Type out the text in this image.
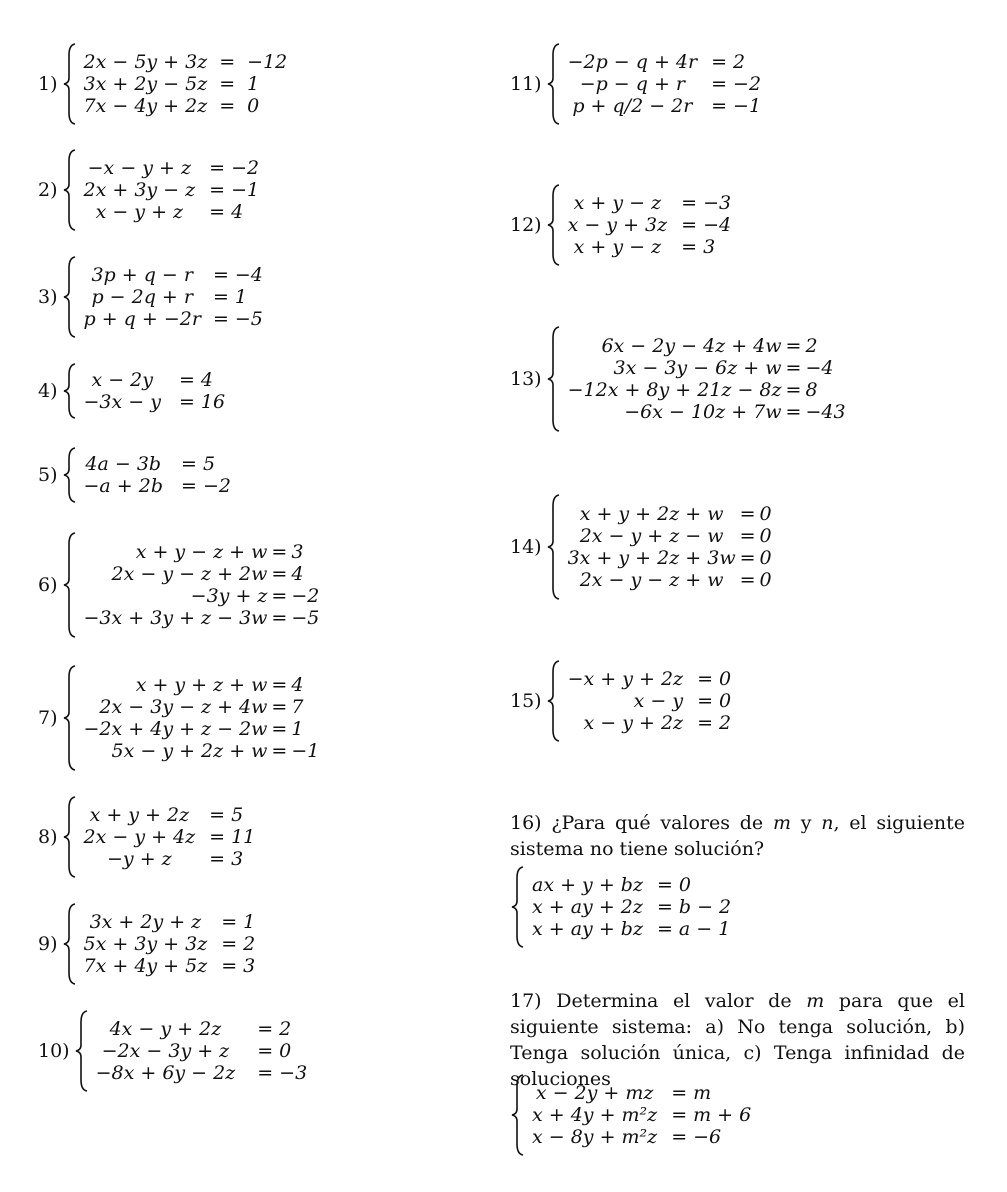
1)
2x − 5y + 3z	=	−12
3x + 2y − 5z	=	1
7x − 4y + 2z	=	0
2)
−x − y + z	=	−2
2x + 3y − z	=	−1
x − y + z	=	4
3)
3p + q − r	=	−4
p − 2q + r	=	1
p + q + −2r	=	−5
4) x − 2y	=	4
−3x − y	=	16
5) 4a − 3b	=	5
−a + 2b	=	−2
6)
x + y − z + w	=	3
2x − y − z + 2w	=	4
−3y + z	=	−2
−3x + 3y + z − 3w	=	−5
7)
x + y + z + w	=	4
2x − 3y − z + 4w	=	7
−2x + 4y + z − 2w	=	1
5x − y + 2z + w	=	−1
8)
x + y + 2z	=	5
2x − y + 4z	=	11
−y + z	=	3
9)
3x + 2y + z	=	1
5x + 3y + 3z	=	2
7x + 4y + 5z	=	3
10)
4x − y + 2z	=	2
−2x − 3y + z	=	0
−8x + 6y − 2z	=	−3
11)
−2p − q + 4r	=	2
−p − q + r	=	−2
p + q/2 − 2r	=	−1
12)
x + y − z	=	−3
x − y + 3z	=	−4
x + y − z	=	3
13)
6x − 2y − 4z + 4w	=	2
3x − 3y − 6z + w	=	−4
−12x + 8y + 21z − 8z	=	8
−6x − 10z + 7w	=	−43
14)
x + y + 2z + w	=	0
2x − y + z − w	=	0
3x + y + 2z + 3w	=	0
2x − y − z + w	=	0
15)
−x + y + 2z	=	0
x − y	=	0
x − y + 2z	=	2
16) ¿Para qué valores de m y n, el siguiente sistema no tiene solución?
ax + y + bz	=	0
x + ay + 2z	=	b − 2
x + ay + bz	=	a − 1
17) Determina el valor de m para que el siguiente sistema: a) No tenga solución, b) Tenga solución única, c) Tenga infinidad de soluciones
x − 2y + mz	=	m
x + 4y + m²z	=	m + 6
x − 8y + m²z	=	−6
